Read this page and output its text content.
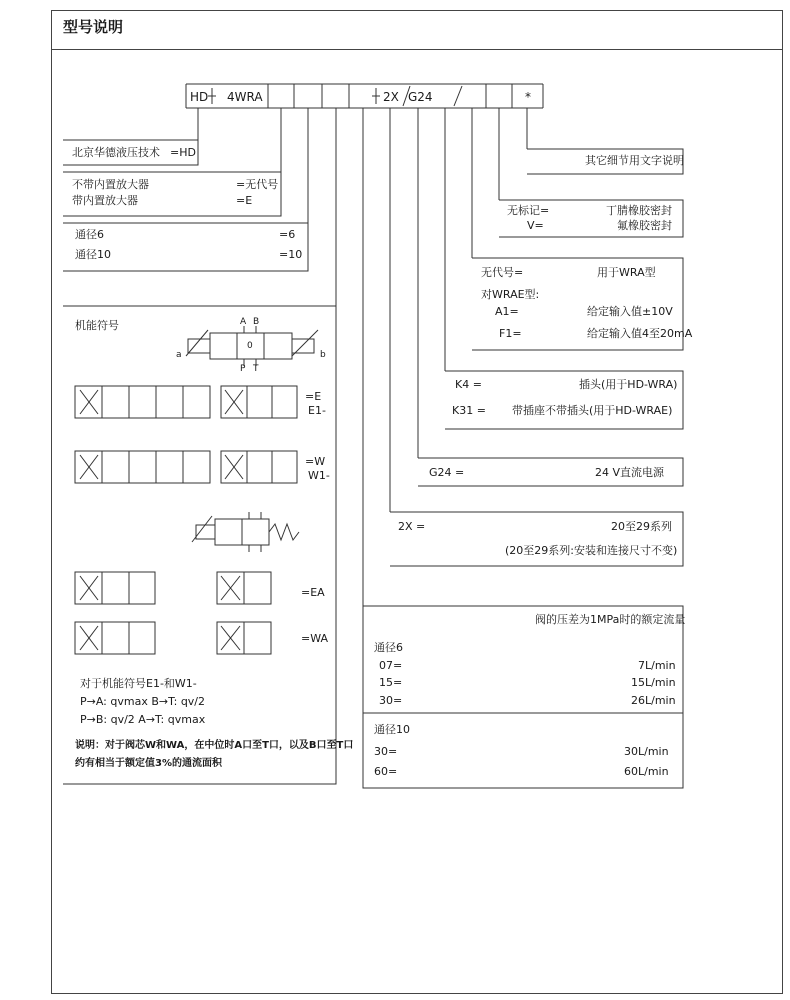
型号说明
HD 4WRA	2X G24	*
北京华德液压技术 =HD
不带内置放大器	=无代号
带内置放大器	=E
通径6	=6
通径10	=10
机能符号
a	b
A B
P T
0
=E
E1-
=W
W1-
=EA
=WA
对于机能符号E1-和W1-
P→A: qvmax B→T: qv/2
P→B: qv/2 A→T: qvmax
说明：对于阀芯W和WA，在中位时A口至T口，以及B口至T口
约有相当于额定值3%的通流面积
其它细节用文字说明
无标记=	丁腈橡胶密封
V=	氟橡胶密封
无代号=	用于WRA型
对WRAE型:
A1=	给定输入值±10V
F1=	给定输入值4至20mA
K4 =	插头(用于HD-WRA)
K31 = 带插座不带插头(用于HD-WRAE)
G24 =	24 V直流电源
2X =	20至29系列
(20至29系列:安装和连接尺寸不变)
阀的压差为1MPa时的额定流量
通径6
07=	7L/min
15=	15L/min
30=	26L/min
通径10
30=	30L/min
60=	60L/min
